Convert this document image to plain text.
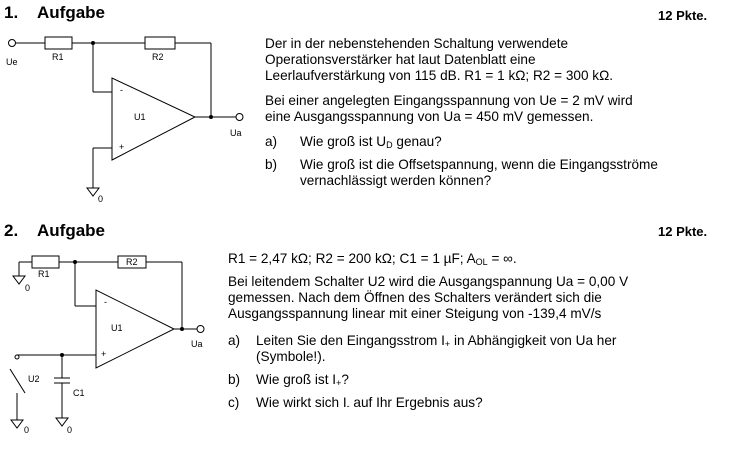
1. Aufgabe	12 Pkte.
Ue	R1	R2
-
U1
+
Ua
0
Der in der nebenstehenden Schaltung verwendete
Operationsverstärker hat laut Datenblatt eine
Leerlaufverstärkung von 115 dB. R1 = 1 kΩ; R2 = 300 kΩ.
Bei einer angelegten Eingangsspannung von Ue = 2 mV wird
eine Ausgangsspannung von Ua = 450 mV gemessen.
a) Wie groß ist $U_D$ genau?
b) Wie groß ist die Offsetspannung, wenn die Eingangsströme
vernachlässigt werden können?
2. Aufgabe	12 Pkte.
0
R1
R2
-
U1
+
Ua
U2
C1
0	0
R1 = 2,47 kΩ; R2 = 200 kΩ; C1 = 1 µF; $A_{OL}$ = ∞.
Bei leitendem Schalter U2 wird die Ausgangspannung Ua = 0,00 V
gemessen. Nach dem Öffnen des Schalters verändert sich die
Ausgangsspannung linear mit einer Steigung von -139,4 mV/s
a) Leiten Sie den Eingangsstrom $I_+$ in Abhängigkeit von Ua her
(Symbole!).
b) Wie groß ist $I_+$?
c) Wie wirkt sich $I_-$ auf Ihr Ergebnis aus?
